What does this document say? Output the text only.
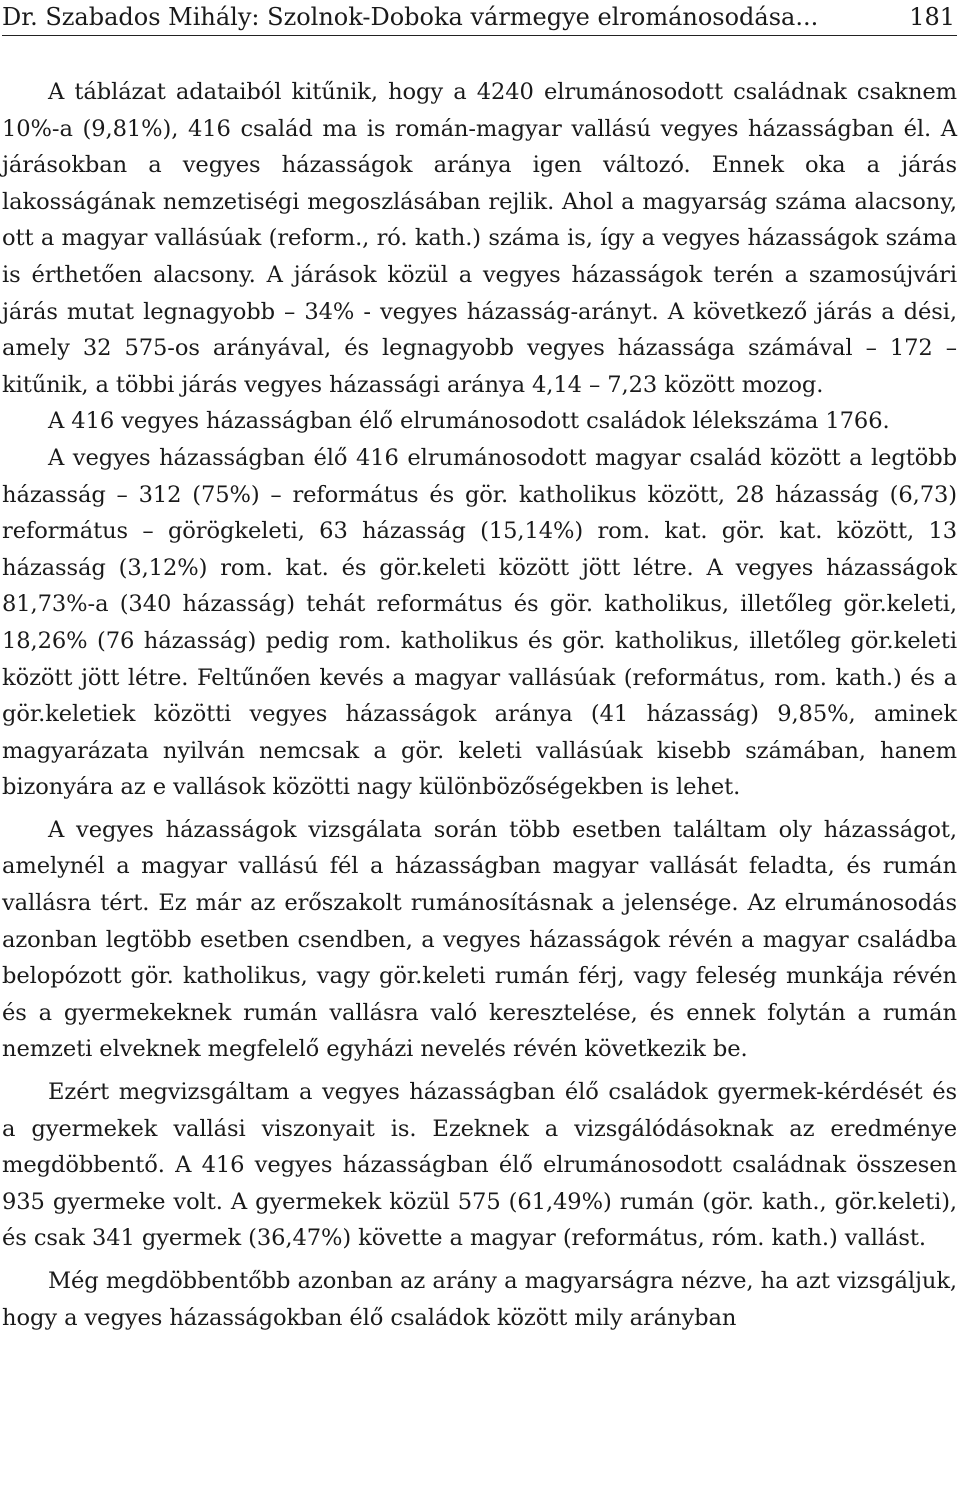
Dr. Szabados Mihály: Szolnok-Doboka vármegye elrománosodása...	181

A táblázat adataiból kitűnik, hogy a 4240 elrumánosodott családnak csaknem 10%-a (9,81%), 416 család ma is román-magyar vallású vegyes házasságban él. A járásokban a vegyes házasságok aránya igen változó. Ennek oka a járás lakosságának nemzetiségi megoszlásában rejlik. Ahol a magyarság száma alacsony, ott a magyar vallásúak (reform., ró. kath.) száma is, így a vegyes házasságok száma is érthetően alacsony. A járások közül a vegyes házasságok terén a szamosújvári járás mutat legnagyobb – 34% - vegyes házasság-arányt. A következő járás a dési, amely 32 575-os arányával, és legnagyobb vegyes házassága számával – 172 – kitűnik, a többi járás vegyes házassági aránya 4,14 – 7,23 között mozog.

A 416 vegyes házasságban élő elrumánosodott családok lélekszáma 1766.

A vegyes házasságban élő 416 elrumánosodott magyar család között a legtöbb házasság – 312 (75%) – református és gör. katholikus között, 28 házasság (6,73) református – görögkeleti, 63 házasság (15,14%) rom. kat. gör. kat. között, 13 házasság (3,12%) rom. kat. és gör.keleti között jött létre. A vegyes házasságok 81,73%-a (340 házasság) tehát református és gör. katholikus, illetőleg gör.keleti, 18,26% (76 házasság) pedig rom. katholikus és gör. katholikus, illetőleg gör.keleti között jött létre. Feltűnően kevés a magyar vallásúak (református, rom. kath.) és a gör.keletiek közötti vegyes házasságok aránya (41 házasság) 9,85%, aminek magyarázata nyilván nemcsak a gör. keleti vallásúak kisebb számában, hanem bizonyára az e vallások közötti nagy különbözőségekben is lehet.

A vegyes házasságok vizsgálata során több esetben találtam oly házasságot, amelynél a magyar vallású fél a házasságban magyar vallását feladta, és rumán vallásra tért. Ez már az erőszakolt rumánosításnak a jelensége. Az elrumánosodás azonban legtöbb esetben csendben, a vegyes házasságok révén a magyar családba belopózott gör. katholikus, vagy gör.keleti rumán férj, vagy feleség munkája révén és a gyermekeknek rumán vallásra való keresztelése, és ennek folytán a rumán nemzeti elveknek megfelelő egyházi nevelés révén következik be.

Ezért megvizsgáltam a vegyes házasságban élő családok gyermek-kérdését és a gyermekek vallási viszonyait is. Ezeknek a vizsgálódásoknak az eredménye megdöbbentő. A 416 vegyes házasságban élő elrumánosodott családnak összesen 935 gyermeke volt. A gyermekek közül 575 (61,49%) rumán (gör. kath., gör.keleti), és csak 341 gyermek (36,47%) követte a magyar (református, róm. kath.) vallást.

Még megdöbbentőbb azonban az arány a magyarságra nézve, ha azt vizsgáljuk, hogy a vegyes házasságokban élő családok között mily arányban
